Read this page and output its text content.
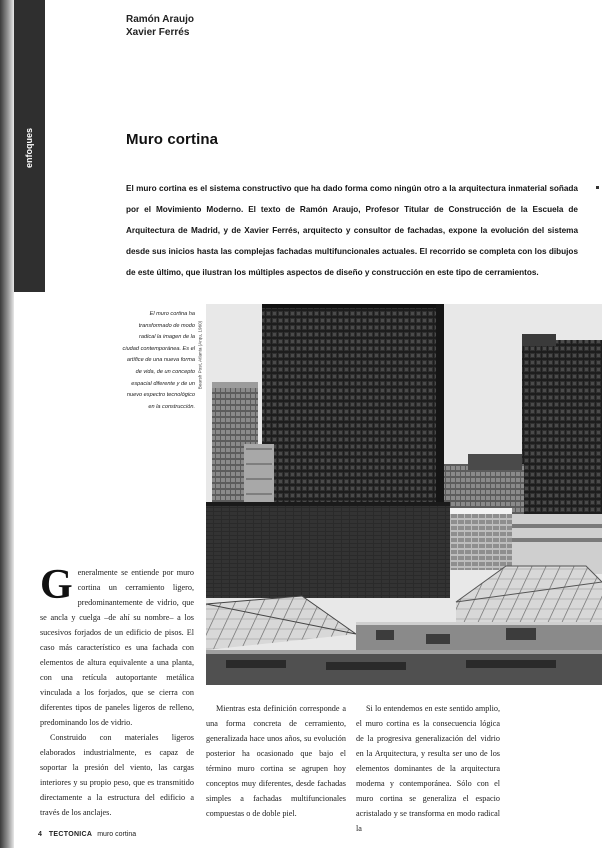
enfoques
Ramón Araujo
Xavier Ferrés
Muro cortina
El muro cortina es el sistema constructivo que ha dado forma como ningún otro a la arquitectura inmaterial soñada por el Movimiento Moderno. El texto de Ramón Araujo, Profesor Titular de Construcción de la Escuela de Arquitectura de Madrid, y de Xavier Ferrés, arquitecto y consultor de fachadas, expone la evolución del sistema desde sus inicios hasta las complejas fachadas multifuncionales actuales. El recorrido se completa con los dibujos de este último, que ilustran los múltiples aspectos de diseño y construcción en este tipo de cerramientos.
El muro cortina ha transformado de modo radical la imagen de la ciudad contemporánea. Es el artífice de una nueva forma de vida, de un concepto espacial diferente y de un nuevo espectro tecnológico en la construcción.
Bearsh Post, Atlanta (Arqu, 1960)
G eneralmente se entiende por muro cortina un cerramiento ligero, predominantemente de vidrio, que se ancla y cuelga –de ahí su nombre– a los sucesivos forjados de un edificio de pisos. El caso más característico es una fachada con elementos de altura equivalente a una planta, con una retícula autoportante metálica vinculada a los forjados, que se cierra con diferentes tipos de paneles ligeros de relleno, predominando los de vidrio.

Construido con materiales ligeros elaborados industrialmente, es capaz de soportar la presión del viento, las cargas interiores y su propio peso, que es transmitido directamente a la estructura del edificio a través de los anclajes.

Mientras esta definición corresponde a una forma concreta de cerramiento, generalizada hace unos años, su evolución posterior ha ocasionado que bajo el término muro cortina se agrupen hoy conceptos muy diferentes, desde fachadas simples a fachadas multifuncionales compuestas o de doble piel.

Si lo entendemos en este sentido amplio, el muro cortina es la consecuencia lógica de la progresiva generalización del vidrio en la Arquitectura, y resulta ser uno de los elementos dominantes de la arquitectura moderna y contemporánea. Sólo con el muro cortina se generaliza el espacio acristalado y se transforma en modo radical la

4 TECTONICA muro cortina
